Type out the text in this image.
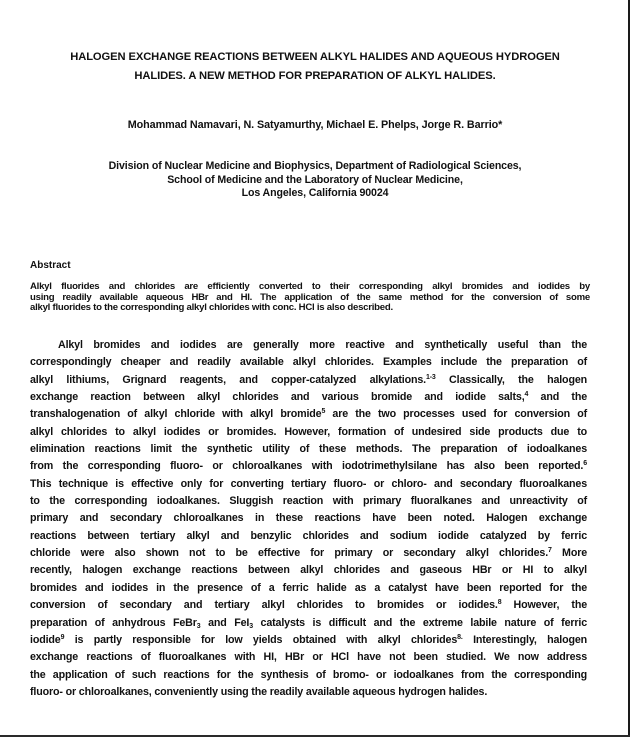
HALOGEN EXCHANGE REACTIONS BETWEEN ALKYL HALIDES AND AQUEOUS HYDROGEN
HALIDES. A NEW METHOD FOR PREPARATION OF ALKYL HALIDES.
Mohammad Namavari, N. Satyamurthy, Michael E. Phelps, Jorge R. Barrio*
Division of Nuclear Medicine and Biophysics, Department of Radiological Sciences,
School of Medicine and the Laboratory of Nuclear Medicine,
Los Angeles, California 90024
Abstract
Alkyl fluorides and chlorides are efficiently converted to their corresponding alkyl bromides and iodides by
using readily available aqueous HBr and HI. The application of the same method for the conversion of some
alkyl fluorides to the corresponding alkyl chlorides with conc. HCl is also described.
Alkyl bromides and iodides are generally more reactive and synthetically useful than the
correspondingly cheaper and readily available alkyl chlorides. Examples include the preparation of
alkyl lithiums, Grignard reagents, and copper-catalyzed alkylations.$^{1-3}$ Classically, the halogen
exchange reaction between alkyl chlorides and various bromide and iodide salts,$^4$ and the
transhalogenation of alkyl chloride with alkyl bromide$^5$ are the two processes used for conversion of
alkyl chlorides to alkyl iodides or bromides. However, formation of undesired side products due to
elimination reactions limit the synthetic utility of these methods. The preparation of iodoalkanes
from the corresponding fluoro- or chloroalkanes with iodotrimethylsilane has also been reported.$^6$
This technique is effective only for converting tertiary fluoro- or chloro- and secondary fluoroalkanes
to the corresponding iodoalkanes. Sluggish reaction with primary fluoralkanes and unreactivity of
primary and secondary chloroalkanes in these reactions have been noted. Halogen exchange
reactions between tertiary alkyl and benzylic chlorides and sodium iodide catalyzed by ferric
chloride were also shown not to be effective for primary or secondary alkyl chlorides.$^7$ More
recently, halogen exchange reactions between alkyl chlorides and gaseous HBr or HI to alkyl
bromides and iodides in the presence of a ferric halide as a catalyst have been reported for the
conversion of secondary and tertiary alkyl chlorides to bromides or iodides.$^8$ However, the
preparation of anhydrous FeBr$_3$ and FeI$_3$ catalysts is difficult and the extreme labile nature of ferric
iodide$^9$ is partly responsible for low yields obtained with alkyl chlorides$^{8.}$ Interestingly, halogen
exchange reactions of fluoroalkanes with HI, HBr or HCl have not been studied. We now address
the application of such reactions for the synthesis of bromo- or iodoalkanes from the corresponding
fluoro- or chloroalkanes, conveniently using the readily available aqueous hydrogen halides.
